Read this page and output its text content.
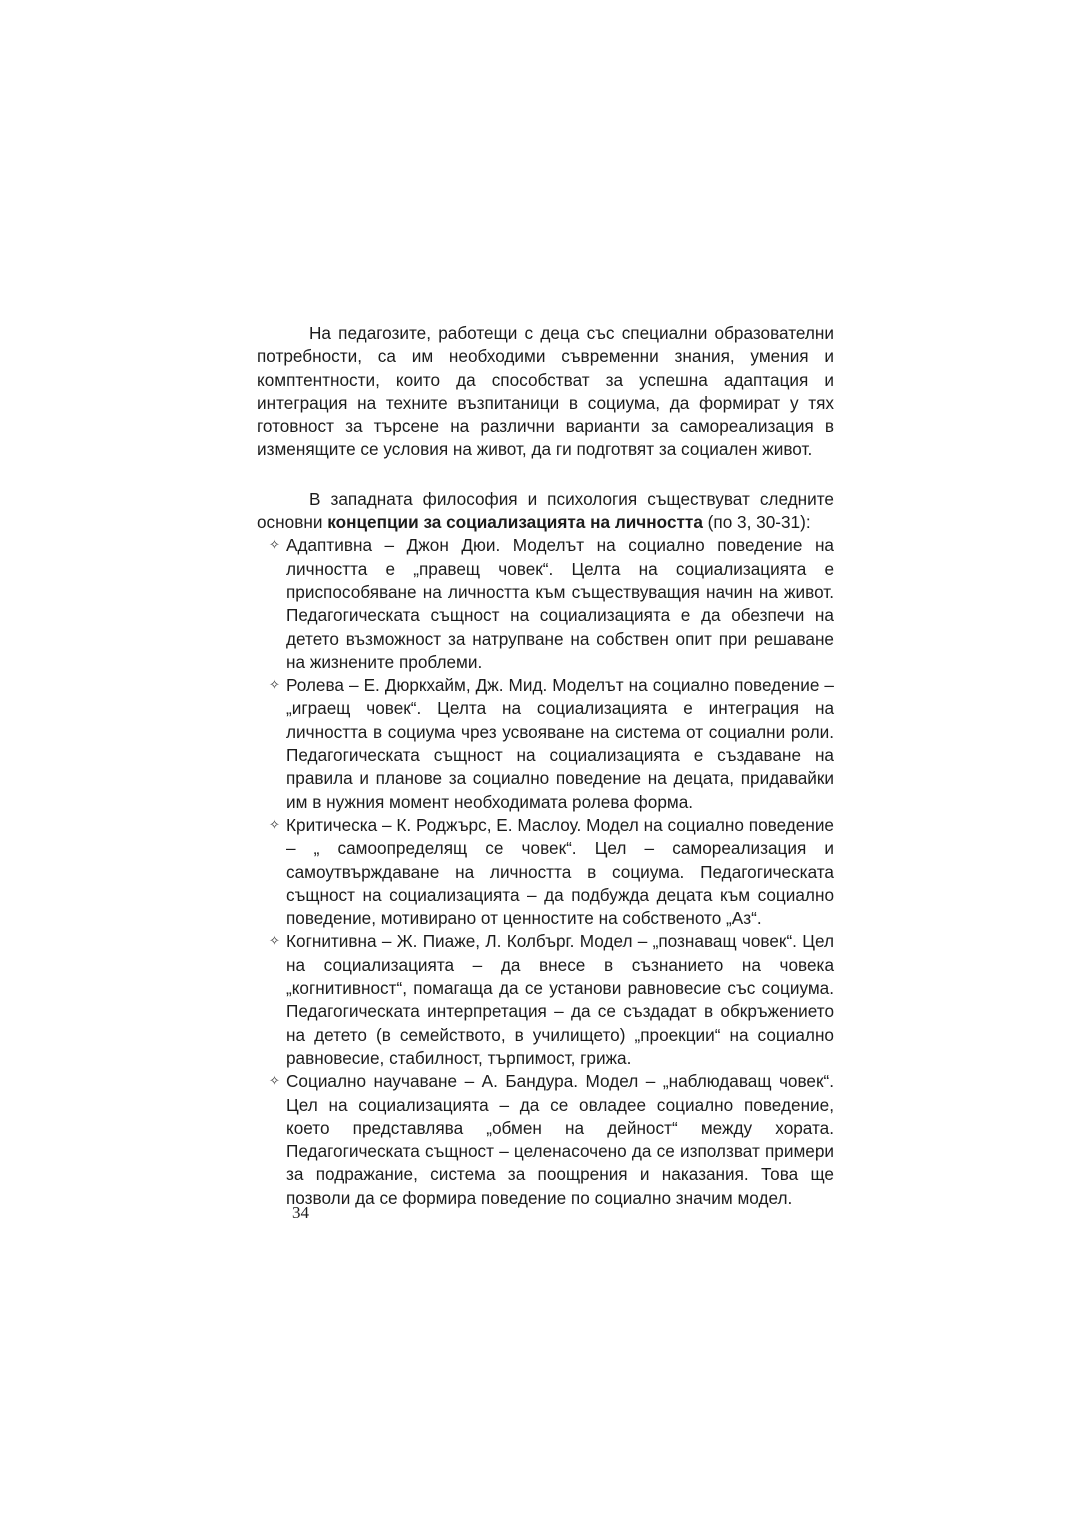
На педагозите, работещи с деца със специални образователни потребности, са им необходими съвременни знания, умения и комптентности, които да способстват за успешна адаптация и интеграция на техните възпитаници в социума, да формират у тях готовност за търсене на различни варианти за самореализация в изменящите се условия на живот, да ги подготвят за социален живот.

В западната философия и психология съществуват следните основни концепции за социализацията на личността (по 3, 30-31):

✧ Адаптивна – Джон Дюи. Моделът на социално поведение на личността е „правещ човек“. Целта на социализацията е приспособяване на личността към съществуващия начин на живот. Педагогическата същност на социализацията е да обезпечи на детето възможност за натрупване на собствен опит при решаване на жизнените проблеми.
✧ Ролева – Е. Дюркхайм, Дж. Мид. Моделът на социално поведение – „играещ човек“. Целта на социализацията е интеграция на личността в социума чрез усвояване на система от социални роли. Педагогическата същност на социализацията е създаване на правила и планове за социално поведение на децата, придавайки им в нужния момент необходимата ролева форма.
✧ Критическа – К. Роджърс, Е. Маслоу. Модел на социално поведение – „ самоопределящ се човек“. Цел – самореализация и самоутвърждаване на личността в социума. Педагогическата същност на социализацията – да подбужда децата към социално поведение, мотивирано от ценностите на собственото „Аз“.
✧ Когнитивна – Ж. Пиаже, Л. Колбърг. Модел – „познаващ човек“. Цел на социализацията – да внесе в съзнанието на човека „когнитивност“, помагаща да се установи равновесие със социума. Педагогическата интерпретация – да се създадат в обкръжението на детето (в семейството, в училището) „проекции“ на социално равновесие, стабилност, търпимост, грижа.
✧ Социално научаване – А. Бандура. Модел – „наблюдаващ човек“. Цел на социализацията – да се овладее социално поведение, което представлява „обмен на дейност“ между хората. Педагогическата същност – целенасочено да се използват примери за подражание, система за поощрения и наказания. Това ще позволи да се формира поведение по социално значим модел.
34
